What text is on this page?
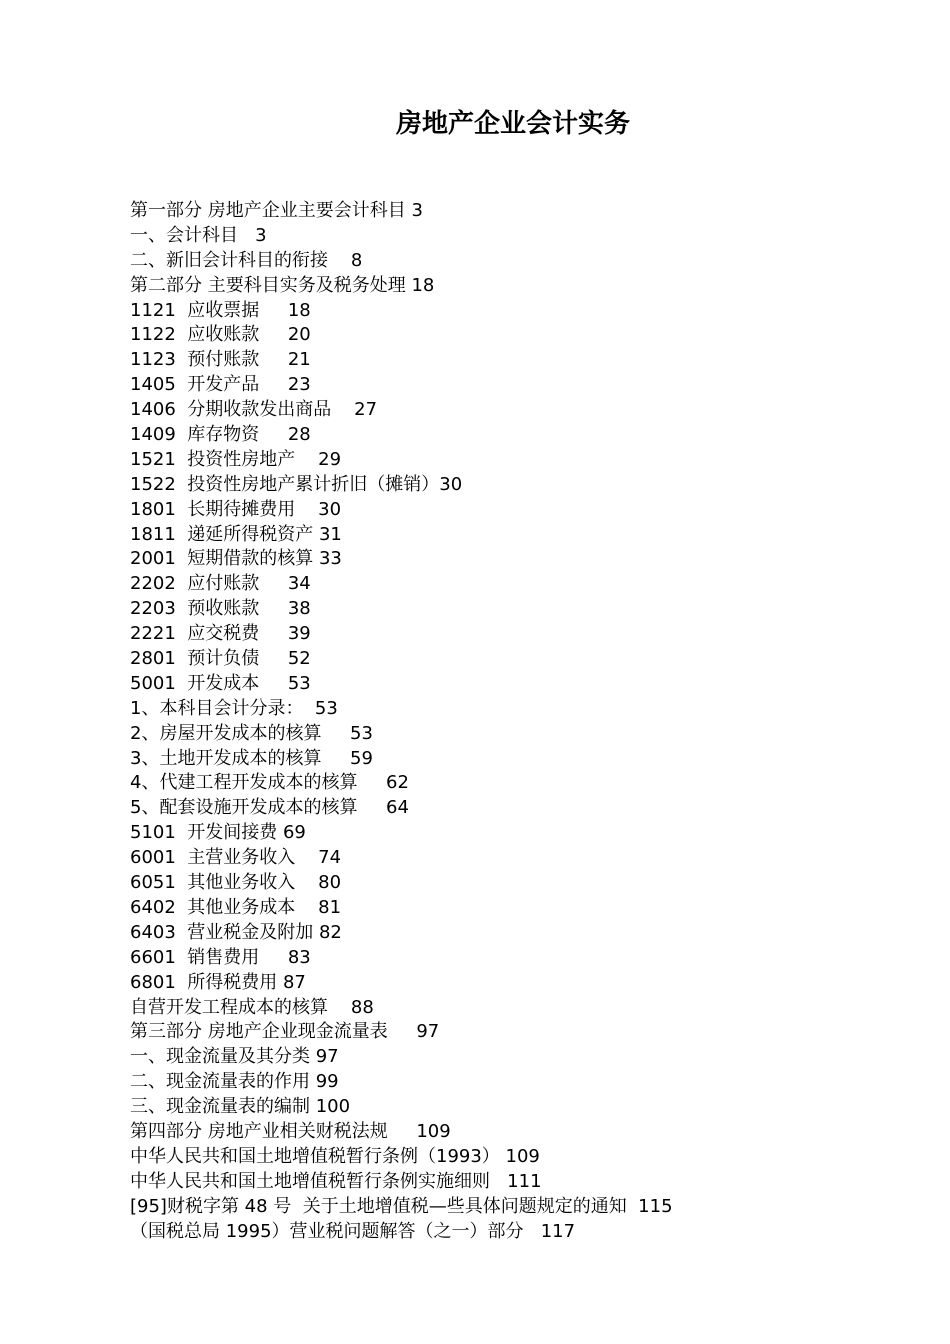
房地产企业会计实务
第一部分 房地产企业主要会计科目 3
一、会计科目   3
二、新旧会计科目的衔接    8
第二部分 主要科目实务及税务处理 18
1121  应收票据     18
1122  应收账款     20
1123  预付账款     21
1405  开发产品     23
1406  分期收款发出商品    27
1409  库存物资     28
1521  投资性房地产    29
1522  投资性房地产累计折旧（摊销）30
1801  长期待摊费用    30
1811  递延所得税资产 31
2001  短期借款的核算 33
2202  应付账款     34
2203  预收账款     38
2221  应交税费     39
2801  预计负债     52
5001  开发成本     53
1、本科目会计分录：  53
2、房屋开发成本的核算     53
3、土地开发成本的核算     59
4、代建工程开发成本的核算     62
5、配套设施开发成本的核算     64
5101  开发间接费 69
6001  主营业务收入    74
6051  其他业务收入    80
6402  其他业务成本    81
6403  营业税金及附加 82
6601  销售费用     83
6801  所得税费用 87
自营开发工程成本的核算    88
第三部分 房地产企业现金流量表     97
一、现金流量及其分类 97
二、现金流量表的作用 99
三、现金流量表的编制 100
第四部分 房地产业相关财税法规     109
中华人民共和国土地增值税暂行条例（1993） 109
中华人民共和国土地增值税暂行条例实施细则   111
[95]财税字第 48 号  关于土地增值税—些具体问题规定的通知  115
（国税总局 1995）营业税问题解答（之一）部分   117
